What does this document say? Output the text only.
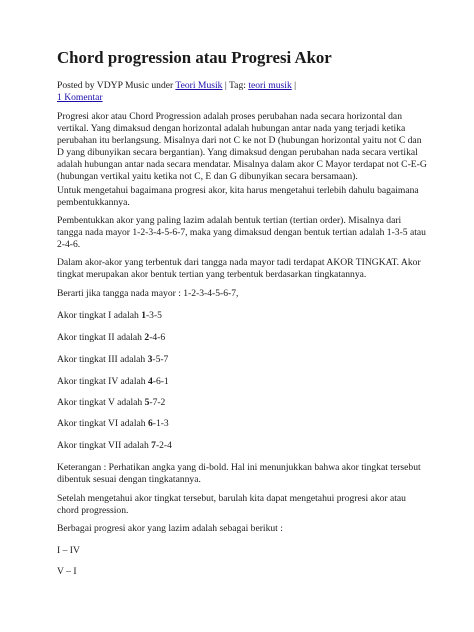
Chord progression atau Progresi Akor
Posted by VDYP Music under Teori Musik | Tag: teori musik |
1 Komentar

Progresi akor atau Chord Progression adalah proses perubahan nada secara horizontal dan vertikal. Yang dimaksud dengan horizontal adalah hubungan antar nada yang terjadi ketika perubahan itu berlangsung. Misalnya dari not C ke not D (hubungan horizontal yaitu not C dan D yang dibunyikan secara bergantian). Yang dimaksud dengan perubahan nada secara vertikal adalah hubungan antar nada secara mendatar. Misalnya dalam akor C Mayor terdapat not C-E-G (hubungan vertikal yaitu ketika not C, E dan G dibunyikan secara bersamaan).

Untuk mengetahui bagaimana progresi akor, kita harus mengetahui terlebih dahulu bagaimana pembentukkannya.

Pembentukkan akor yang paling lazim adalah bentuk tertian (tertian order). Misalnya dari tangga nada mayor 1-2-3-4-5-6-7, maka yang dimaksud dengan bentuk tertian adalah 1-3-5 atau 2-4-6.

Dalam akor-akor yang terbentuk dari tangga nada mayor tadi terdapat AKOR TINGKAT. Akor tingkat merupakan akor bentuk tertian yang terbentuk berdasarkan tingkatannya.

Berarti jika tangga nada mayor : 1-2-3-4-5-6-7,

Akor tingkat I adalah 1-3-5

Akor tingkat II adalah 2-4-6

Akor tingkat III adalah 3-5-7

Akor tingkat IV adalah 4-6-1

Akor tingkat V adalah 5-7-2

Akor tingkat VI adalah 6-1-3

Akor tingkat VII adalah 7-2-4

Keterangan : Perhatikan angka yang di-bold. Hal ini menunjukkan bahwa akor tingkat tersebut dibentuk sesuai dengan tingkatannya.

Setelah mengetahui akor tingkat tersebut, barulah kita dapat mengetahui progresi akor atau chord progression.

Berbagai progresi akor yang lazim adalah sebagai berikut :

I – IV

V – I
